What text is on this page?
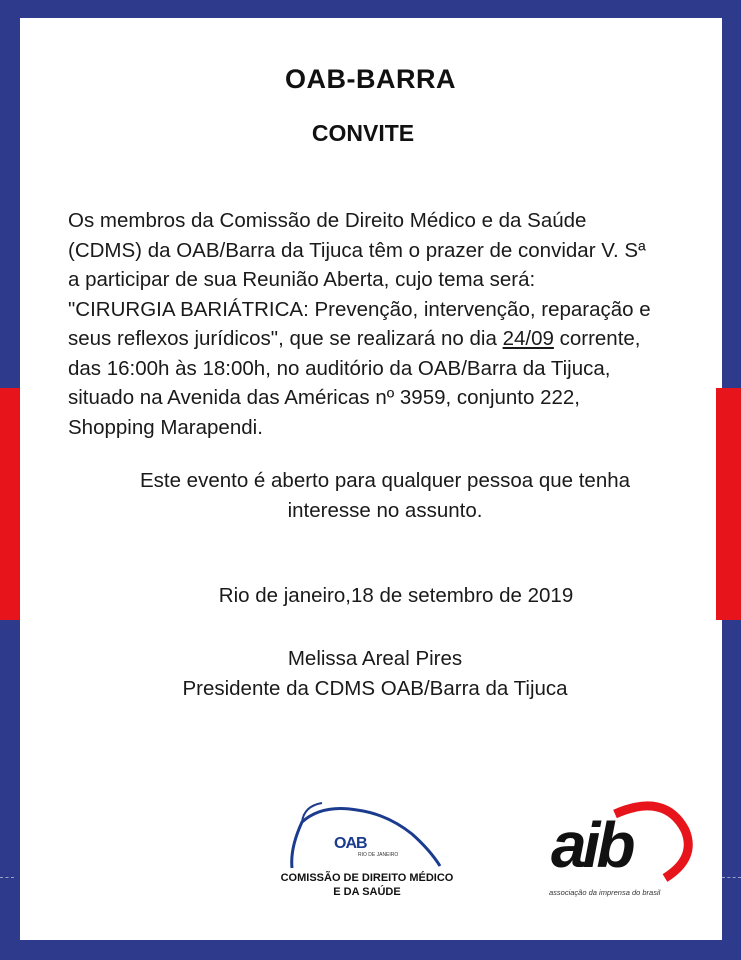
OAB-BARRA
CONVITE
Os membros da Comissão de Direito Médico e da Saúde
(CDMS) da OAB/Barra da Tijuca têm o prazer de convidar V. Sª
a participar de sua Reunião Aberta, cujo tema será:
"CIRURGIA BARIÁTRICA: Prevenção, intervenção, reparação e
seus reflexos jurídicos", que se realizará no dia 24/09 corrente,
das 16:00h às 18:00h, no auditório da OAB/Barra da Tijuca,
situado na Avenida das Américas nº 3959, conjunto 222,
Shopping Marapendi.
Este evento é aberto para qualquer pessoa que tenha
interesse no assunto.
Rio de janeiro,18 de setembro de 2019
Melissa Areal Pires
Presidente da CDMS OAB/Barra da Tijuca
OAB
RIO DE JANEIRO
COMISSÃO DE DIREITO MÉDICO
E DA SAÚDE
aib
associação da imprensa do brasil
